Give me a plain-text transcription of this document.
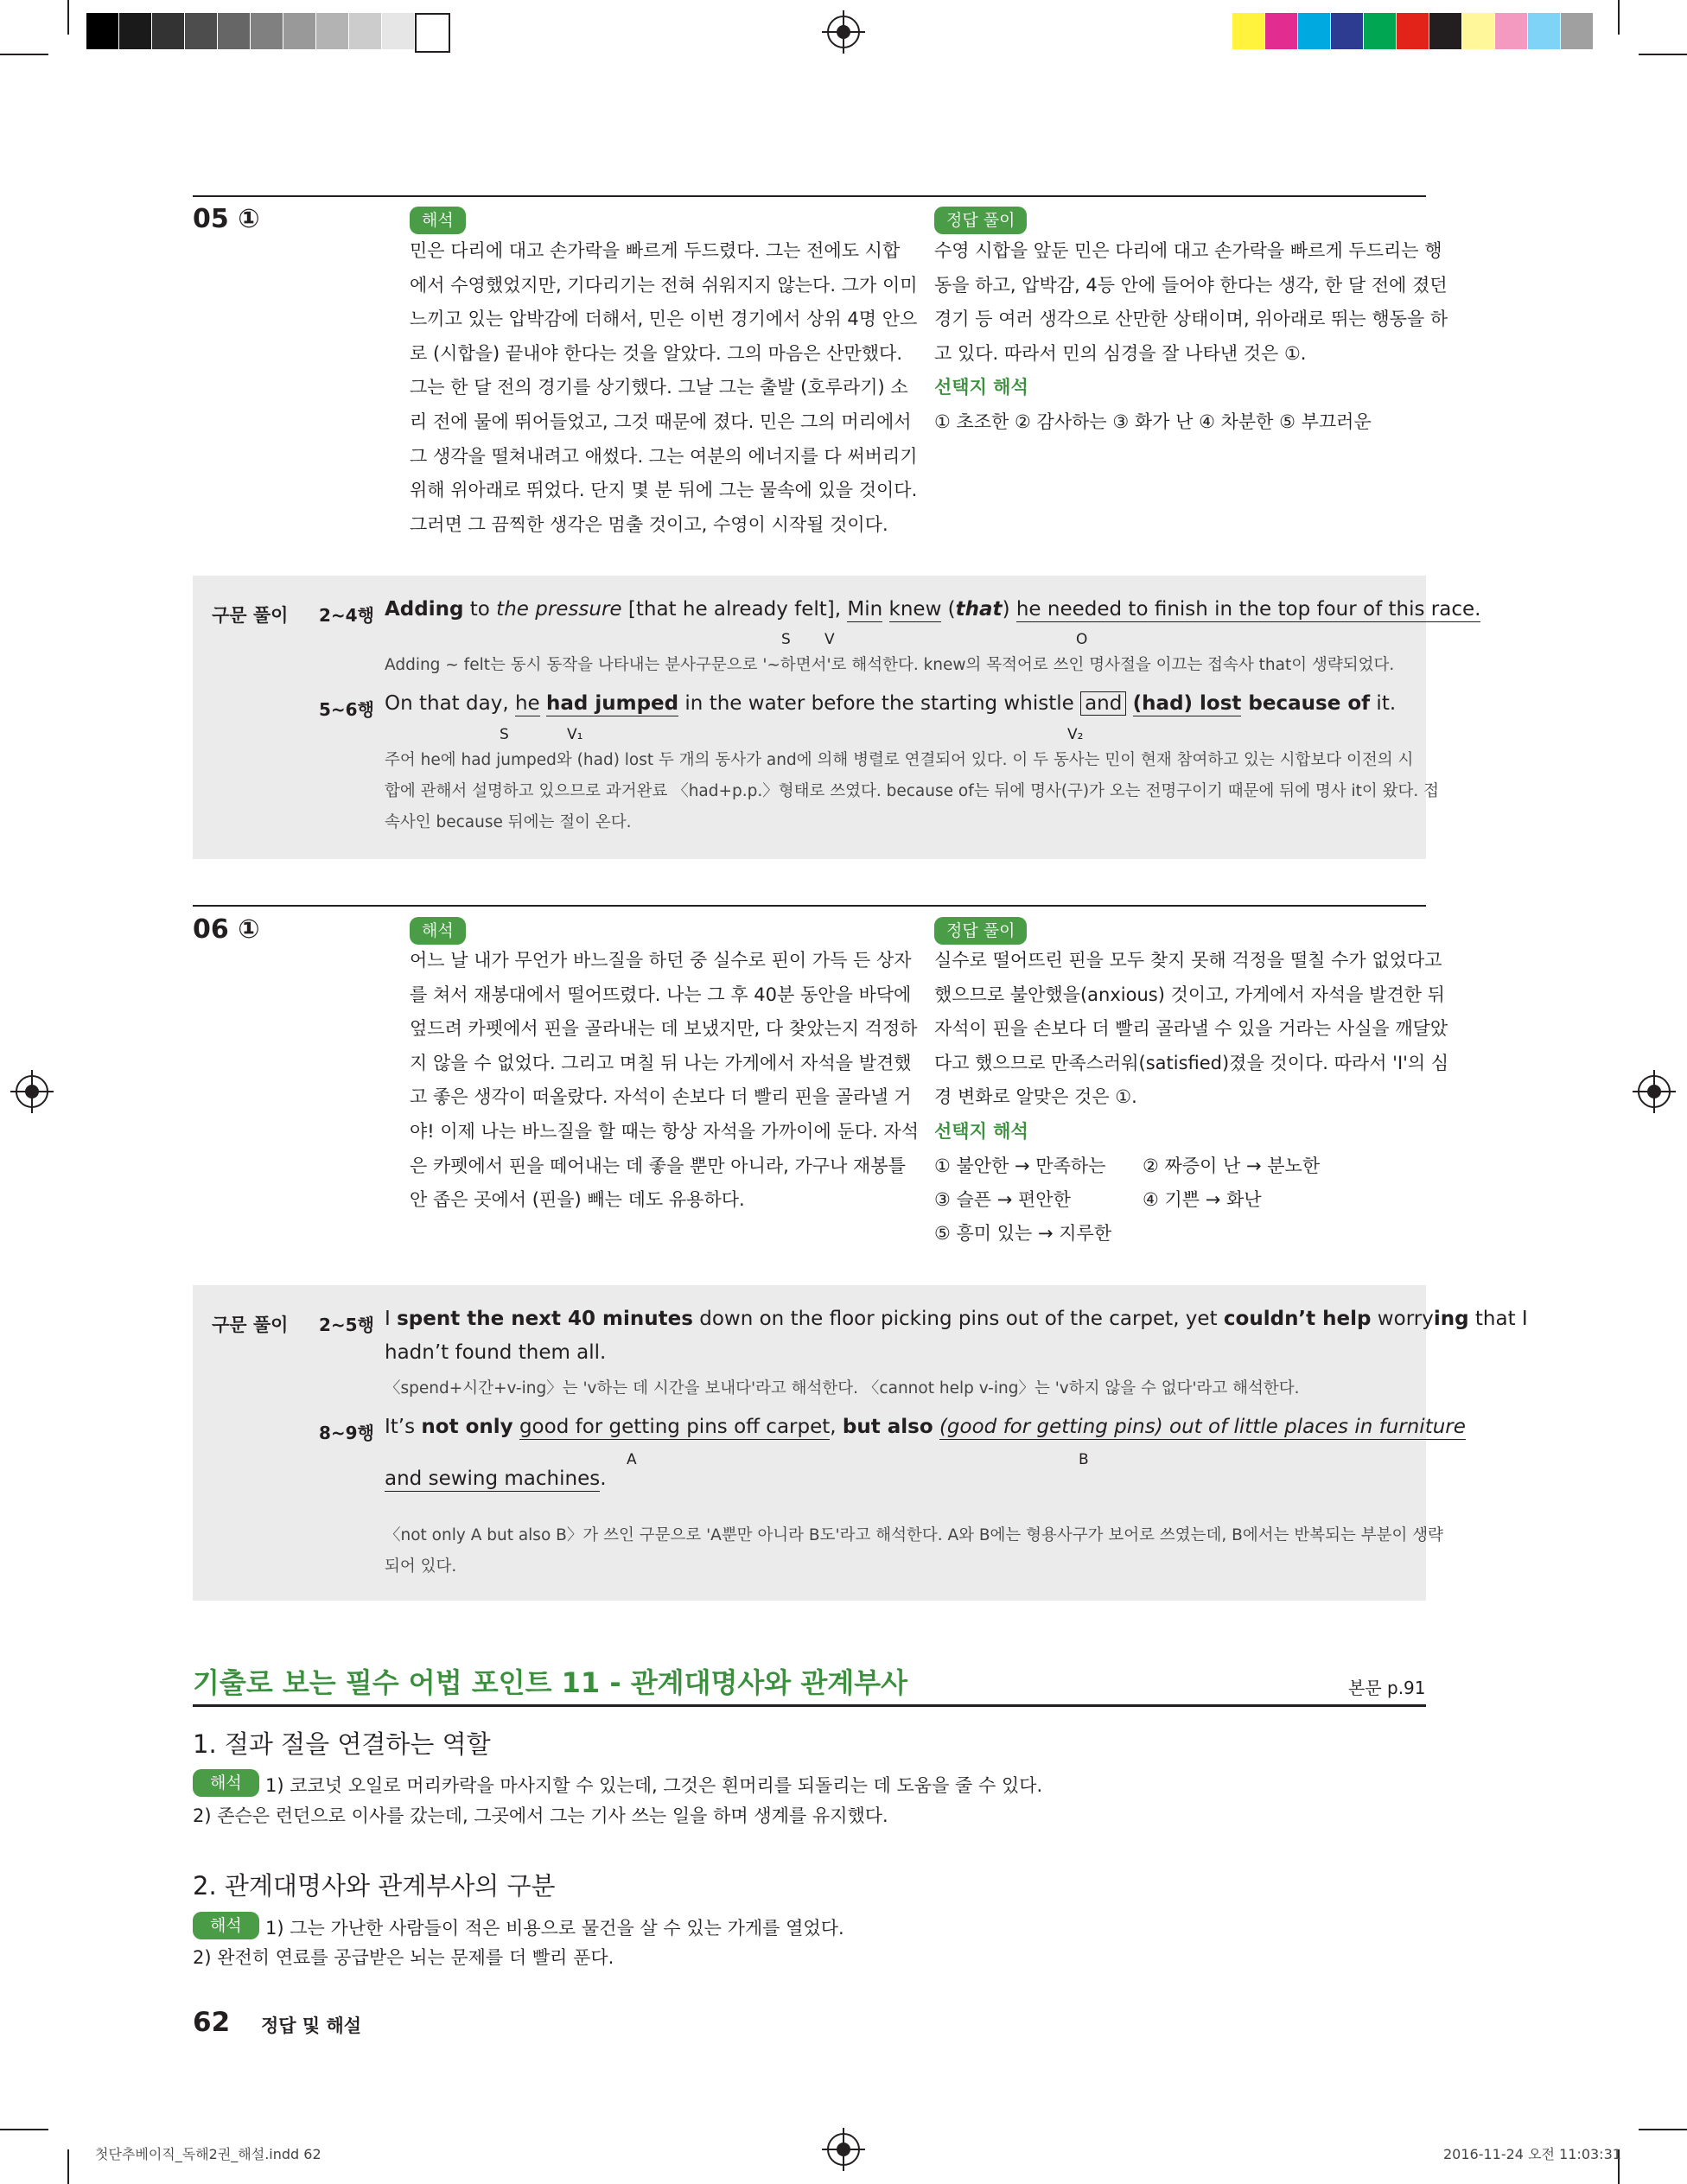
05 ①	해석

민은 다리에 대고 손가락을 빠르게 두드렸다. 그는 전에도 시합

에서 수영했었지만, 기다리기는 전혀 쉬워지지 않는다. 그가 이미

느끼고 있는 압박감에 더해서, 민은 이번 경기에서 상위 4명 안으

로 (시합을) 끝내야 한다는 것을 알았다. 그의 마음은 산만했다.

그는 한 달 전의 경기를 상기했다. 그날 그는 출발 (호루라기) 소

리 전에 물에 뛰어들었고, 그것 때문에 졌다. 민은 그의 머리에서

그 생각을 떨쳐내려고 애썼다. 그는 여분의 에너지를 다 써버리기

위해 위아래로 뛰었다. 단지 몇 분 뒤에 그는 물속에 있을 것이다.

그러면 그 끔찍한 생각은 멈출 것이고, 수영이 시작될 것이다.

정답 풀이

수영 시합을 앞둔 민은 다리에 대고 손가락을 빠르게 두드리는 행

동을 하고, 압박감, 4등 안에 들어야 한다는 생각, 한 달 전에 졌던

경기 등 여러 생각으로 산만한 상태이며, 위아래로 뛰는 행동을 하

고 있다. 따라서 민의 심경을 잘 나타낸 것은 ①.

선택지 해석

① 초조한 ② 감사하는 ③ 화가 난 ④ 차분한 ⑤ 부끄러운

구문 풀이 2~4행 Adding to the pressure [that he already felt], Min knew (that) he needed to finish in the top four of this race.
S V	O

Adding ~ felt는 동시 동작을 나타내는 분사구문으로 '~하면서'로 해석한다. knew의 목적어로 쓰인 명사절을 이끄는 접속사 that이 생략되었다.

5~6행 On that day, he had jumped in the water before the starting whistle and (had) lost because of it.
S	V₁	V₂

주어 he에 had jumped와 (had) lost 두 개의 동사가 and에 의해 병렬로 연결되어 있다. 이 두 동사는 민이 현재 참여하고 있는 시합보다 이전의 시

합에 관해서 설명하고 있으므로 과거완료 〈had+p.p.〉형태로 쓰였다. because of는 뒤에 명사(구)가 오는 전명구이기 때문에 뒤에 명사 it이 왔다. 접

속사인 because 뒤에는 절이 온다.

06 ①	해석

어느 날 내가 무언가 바느질을 하던 중 실수로 핀이 가득 든 상자

를 쳐서 재봉대에서 떨어뜨렸다. 나는 그 후 40분 동안을 바닥에

엎드려 카펫에서 핀을 골라내는 데 보냈지만, 다 찾았는지 걱정하

지 않을 수 없었다. 그리고 며칠 뒤 나는 가게에서 자석을 발견했

고 좋은 생각이 떠올랐다. 자석이 손보다 더 빨리 핀을 골라낼 거

야! 이제 나는 바느질을 할 때는 항상 자석을 가까이에 둔다. 자석

은 카펫에서 핀을 떼어내는 데 좋을 뿐만 아니라, 가구나 재봉틀

안 좁은 곳에서 (핀을) 빼는 데도 유용하다.

정답 풀이

실수로 떨어뜨린 핀을 모두 찾지 못해 걱정을 떨칠 수가 없었다고

했으므로 불안했을(anxious) 것이고, 가게에서 자석을 발견한 뒤

자석이 핀을 손보다 더 빨리 골라낼 수 있을 거라는 사실을 깨달았

다고 했으므로 만족스러워(satisfied)졌을 것이다. 따라서 'I'의 심

경 변화로 알맞은 것은 ①.

선택지 해석

① 불안한 → 만족하는 ② 짜증이 난 → 분노한
③ 슬픈 → 편안한	④ 기쁜 → 화난
⑤ 흥미 있는 → 지루한
구문 풀이 2~5행 I spent the next 40 minutes down on the floor picking pins out of the carpet, yet couldn’t help worrying that I
hadn’t found them all.

〈spend+시간+v-ing〉는 'v하는 데 시간을 보내다'라고 해석한다. 〈cannot help v-ing〉는 'v하지 않을 수 없다'라고 해석한다.

8~9행 It’s not only good for getting pins off carpet, but also (good for getting pins) out of little places in furniture
A	B
and sewing machines.

〈not only A but also B〉가 쓰인 구문으로 'A뿐만 아니라 B도'라고 해석한다. A와 B에는 형용사구가 보어로 쓰였는데, B에서는 반복되는 부분이 생략

되어 있다.

기출로 보는 필수 어법 포인트 11 - 관계대명사와 관계부사	본문 p.91
1. 절과 절을 연결하는 역할
해석	1) 코코넛 오일로 머리카락을 마사지할 수 있는데, 그것은 흰머리를 되돌리는 데 도움을 줄 수 있다.
2) 존슨은 런던으로 이사를 갔는데, 그곳에서 그는 기사 쓰는 일을 하며 생계를 유지했다.
2. 관계대명사와 관계부사의 구분
해석	1) 그는 가난한 사람들이 적은 비용으로 물건을 살 수 있는 가게를 열었다.
2) 완전히 연료를 공급받은 뇌는 문제를 더 빨리 푼다.
62 정답 및 해설
첫단추베이직_독해2권_해설.indd 62	2016-11-24 오전 11:03:31
